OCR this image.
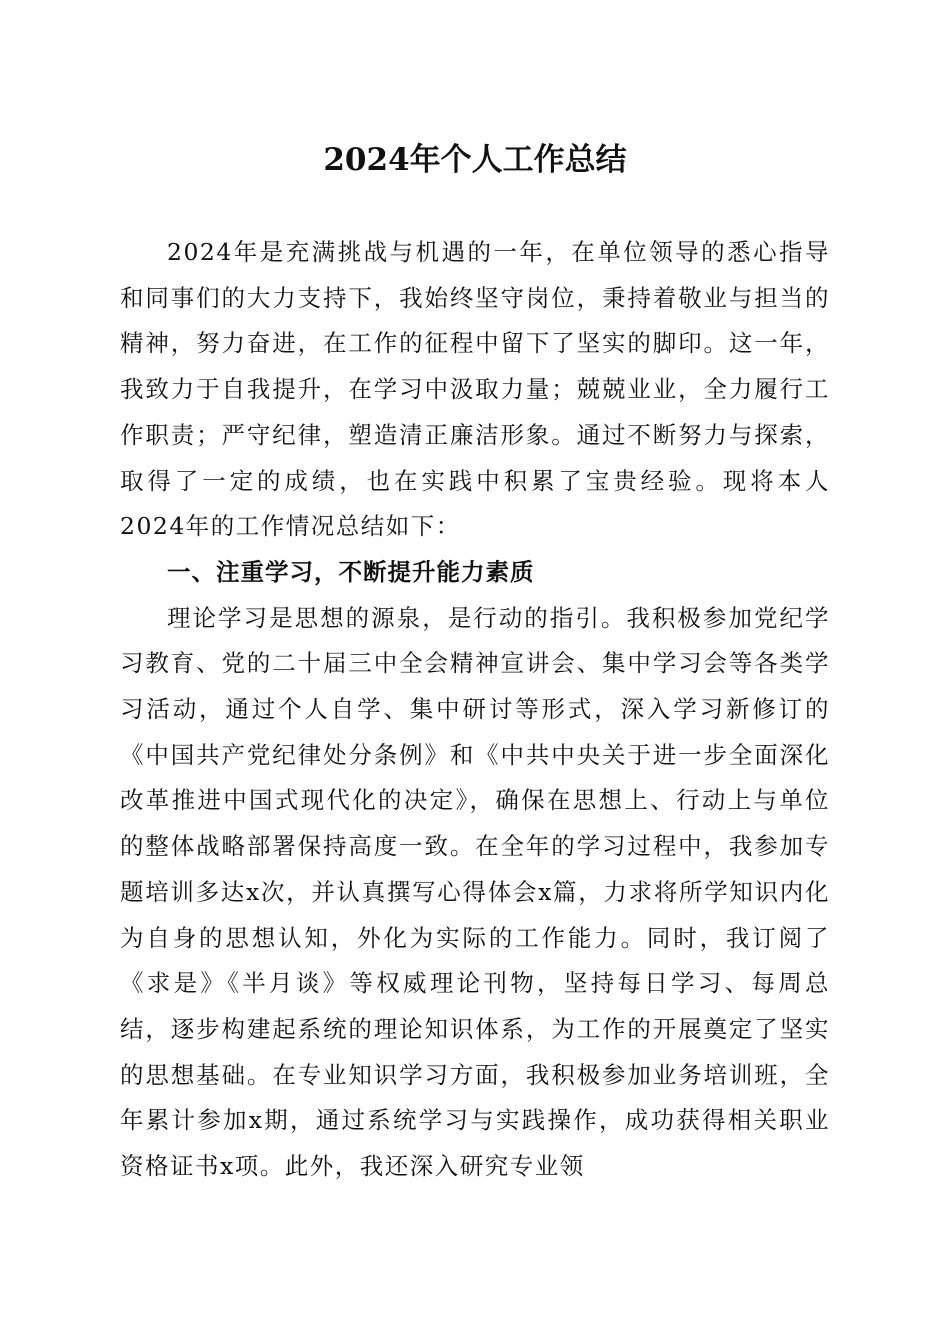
2024年个人工作总结

2024年是充满挑战与机遇的一年，在单位领导的悉心指导和同事们的大力支持下，我始终坚守岗位，秉持着敬业与担当的精神，努力奋进，在工作的征程中留下了坚实的脚印。这一年，我致力于自我提升，在学习中汲取力量；兢兢业业，全力履行工作职责；严守纪律，塑造清正廉洁形象。通过不断努力与探索，取得了一定的成绩，也在实践中积累了宝贵经验。现将本人2024年的工作情况总结如下：

一、注重学习，不断提升能力素质

理论学习是思想的源泉，是行动的指引。我积极参加党纪学习教育、党的二十届三中全会精神宣讲会、集中学习会等各类学习活动，通过个人自学、集中研讨等形式，深入学习新修订的《中国共产党纪律处分条例》和《中共中央关于进一步全面深化改革推进中国式现代化的决定》，确保在思想上、行动上与单位的整体战略部署保持高度一致。在全年的学习过程中，我参加专题培训多达x次，并认真撰写心得体会x篇，力求将所学知识内化为自身的思想认知，外化为实际的工作能力。同时，我订阅了《求是》《半月谈》等权威理论刊物，坚持每日学习、每周总结，逐步构建起系统的理论知识体系，为工作的开展奠定了坚实的思想基础。在专业知识学习方面，我积极参加业务培训班，全年累计参加x期，通过系统学习与实践操作，成功获得相关职业资格证书x项。此外，我还深入研究专业领
